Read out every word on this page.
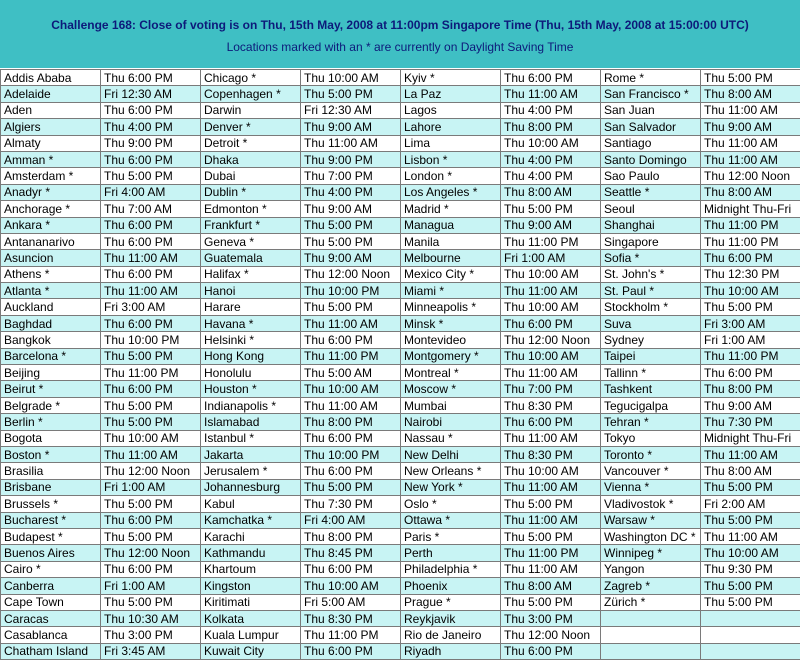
Challenge 168: Close of voting is on Thu, 15th May, 2008 at 11:00pm Singapore Time (Thu, 15th May, 2008 at 15:00:00 UTC)
Locations marked with an * are currently on Daylight Saving Time
Addis Ababa	Thu 6:00 PM	Chicago *	Thu 10:00 AM	Kyiv *	Thu 6:00 PM	Rome *	Thu 5:00 PM
Adelaide	Fri 12:30 AM	Copenhagen *	Thu 5:00 PM	La Paz	Thu 11:00 AM	San Francisco *	Thu 8:00 AM
Aden	Thu 6:00 PM	Darwin	Fri 12:30 AM	Lagos	Thu 4:00 PM	San Juan	Thu 11:00 AM
Algiers	Thu 4:00 PM	Denver *	Thu 9:00 AM	Lahore	Thu 8:00 PM	San Salvador	Thu 9:00 AM
Almaty	Thu 9:00 PM	Detroit *	Thu 11:00 AM	Lima	Thu 10:00 AM	Santiago	Thu 11:00 AM
Amman *	Thu 6:00 PM	Dhaka	Thu 9:00 PM	Lisbon *	Thu 4:00 PM	Santo Domingo	Thu 11:00 AM
Amsterdam *	Thu 5:00 PM	Dubai	Thu 7:00 PM	London *	Thu 4:00 PM	Sao Paulo	Thu 12:00 Noon
Anadyr *	Fri 4:00 AM	Dublin *	Thu 4:00 PM	Los Angeles *	Thu 8:00 AM	Seattle *	Thu 8:00 AM
Anchorage *	Thu 7:00 AM	Edmonton *	Thu 9:00 AM	Madrid *	Thu 5:00 PM	Seoul	Midnight Thu-Fri
Ankara *	Thu 6:00 PM	Frankfurt *	Thu 5:00 PM	Managua	Thu 9:00 AM	Shanghai	Thu 11:00 PM
Antananarivo	Thu 6:00 PM	Geneva *	Thu 5:00 PM	Manila	Thu 11:00 PM	Singapore	Thu 11:00 PM
Asuncion	Thu 11:00 AM	Guatemala	Thu 9:00 AM	Melbourne	Fri 1:00 AM	Sofia *	Thu 6:00 PM
Athens *	Thu 6:00 PM	Halifax *	Thu 12:00 Noon	Mexico City *	Thu 10:00 AM	St. John's *	Thu 12:30 PM
Atlanta *	Thu 11:00 AM	Hanoi	Thu 10:00 PM	Miami *	Thu 11:00 AM	St. Paul *	Thu 10:00 AM
Auckland	Fri 3:00 AM	Harare	Thu 5:00 PM	Minneapolis *	Thu 10:00 AM	Stockholm *	Thu 5:00 PM
Baghdad	Thu 6:00 PM	Havana *	Thu 11:00 AM	Minsk *	Thu 6:00 PM	Suva	Fri 3:00 AM
Bangkok	Thu 10:00 PM	Helsinki *	Thu 6:00 PM	Montevideo	Thu 12:00 Noon	Sydney	Fri 1:00 AM
Barcelona *	Thu 5:00 PM	Hong Kong	Thu 11:00 PM	Montgomery *	Thu 10:00 AM	Taipei	Thu 11:00 PM
Beijing	Thu 11:00 PM	Honolulu	Thu 5:00 AM	Montreal *	Thu 11:00 AM	Tallinn *	Thu 6:00 PM
Beirut *	Thu 6:00 PM	Houston *	Thu 10:00 AM	Moscow *	Thu 7:00 PM	Tashkent	Thu 8:00 PM
Belgrade *	Thu 5:00 PM	Indianapolis *	Thu 11:00 AM	Mumbai	Thu 8:30 PM	Tegucigalpa	Thu 9:00 AM
Berlin *	Thu 5:00 PM	Islamabad	Thu 8:00 PM	Nairobi	Thu 6:00 PM	Tehran *	Thu 7:30 PM
Bogota	Thu 10:00 AM	Istanbul *	Thu 6:00 PM	Nassau *	Thu 11:00 AM	Tokyo	Midnight Thu-Fri
Boston *	Thu 11:00 AM	Jakarta	Thu 10:00 PM	New Delhi	Thu 8:30 PM	Toronto *	Thu 11:00 AM
Brasilia	Thu 12:00 Noon	Jerusalem *	Thu 6:00 PM	New Orleans *	Thu 10:00 AM	Vancouver *	Thu 8:00 AM
Brisbane	Fri 1:00 AM	Johannesburg	Thu 5:00 PM	New York *	Thu 11:00 AM	Vienna *	Thu 5:00 PM
Brussels *	Thu 5:00 PM	Kabul	Thu 7:30 PM	Oslo *	Thu 5:00 PM	Vladivostok *	Fri 2:00 AM
Bucharest *	Thu 6:00 PM	Kamchatka *	Fri 4:00 AM	Ottawa *	Thu 11:00 AM	Warsaw *	Thu 5:00 PM
Budapest *	Thu 5:00 PM	Karachi	Thu 8:00 PM	Paris *	Thu 5:00 PM	Washington DC *	Thu 11:00 AM
Buenos Aires	Thu 12:00 Noon	Kathmandu	Thu 8:45 PM	Perth	Thu 11:00 PM	Winnipeg *	Thu 10:00 AM
Cairo *	Thu 6:00 PM	Khartoum	Thu 6:00 PM	Philadelphia *	Thu 11:00 AM	Yangon	Thu 9:30 PM
Canberra	Fri 1:00 AM	Kingston	Thu 10:00 AM	Phoenix	Thu 8:00 AM	Zagreb *	Thu 5:00 PM
Cape Town	Thu 5:00 PM	Kiritimati	Fri 5:00 AM	Prague *	Thu 5:00 PM	Zürich *	Thu 5:00 PM
Caracas	Thu 10:30 AM	Kolkata	Thu 8:30 PM	Reykjavik	Thu 3:00 PM		
Casablanca	Thu 3:00 PM	Kuala Lumpur	Thu 11:00 PM	Rio de Janeiro	Thu 12:00 Noon		
Chatham Island	Fri 3:45 AM	Kuwait City	Thu 6:00 PM	Riyadh	Thu 6:00 PM		
